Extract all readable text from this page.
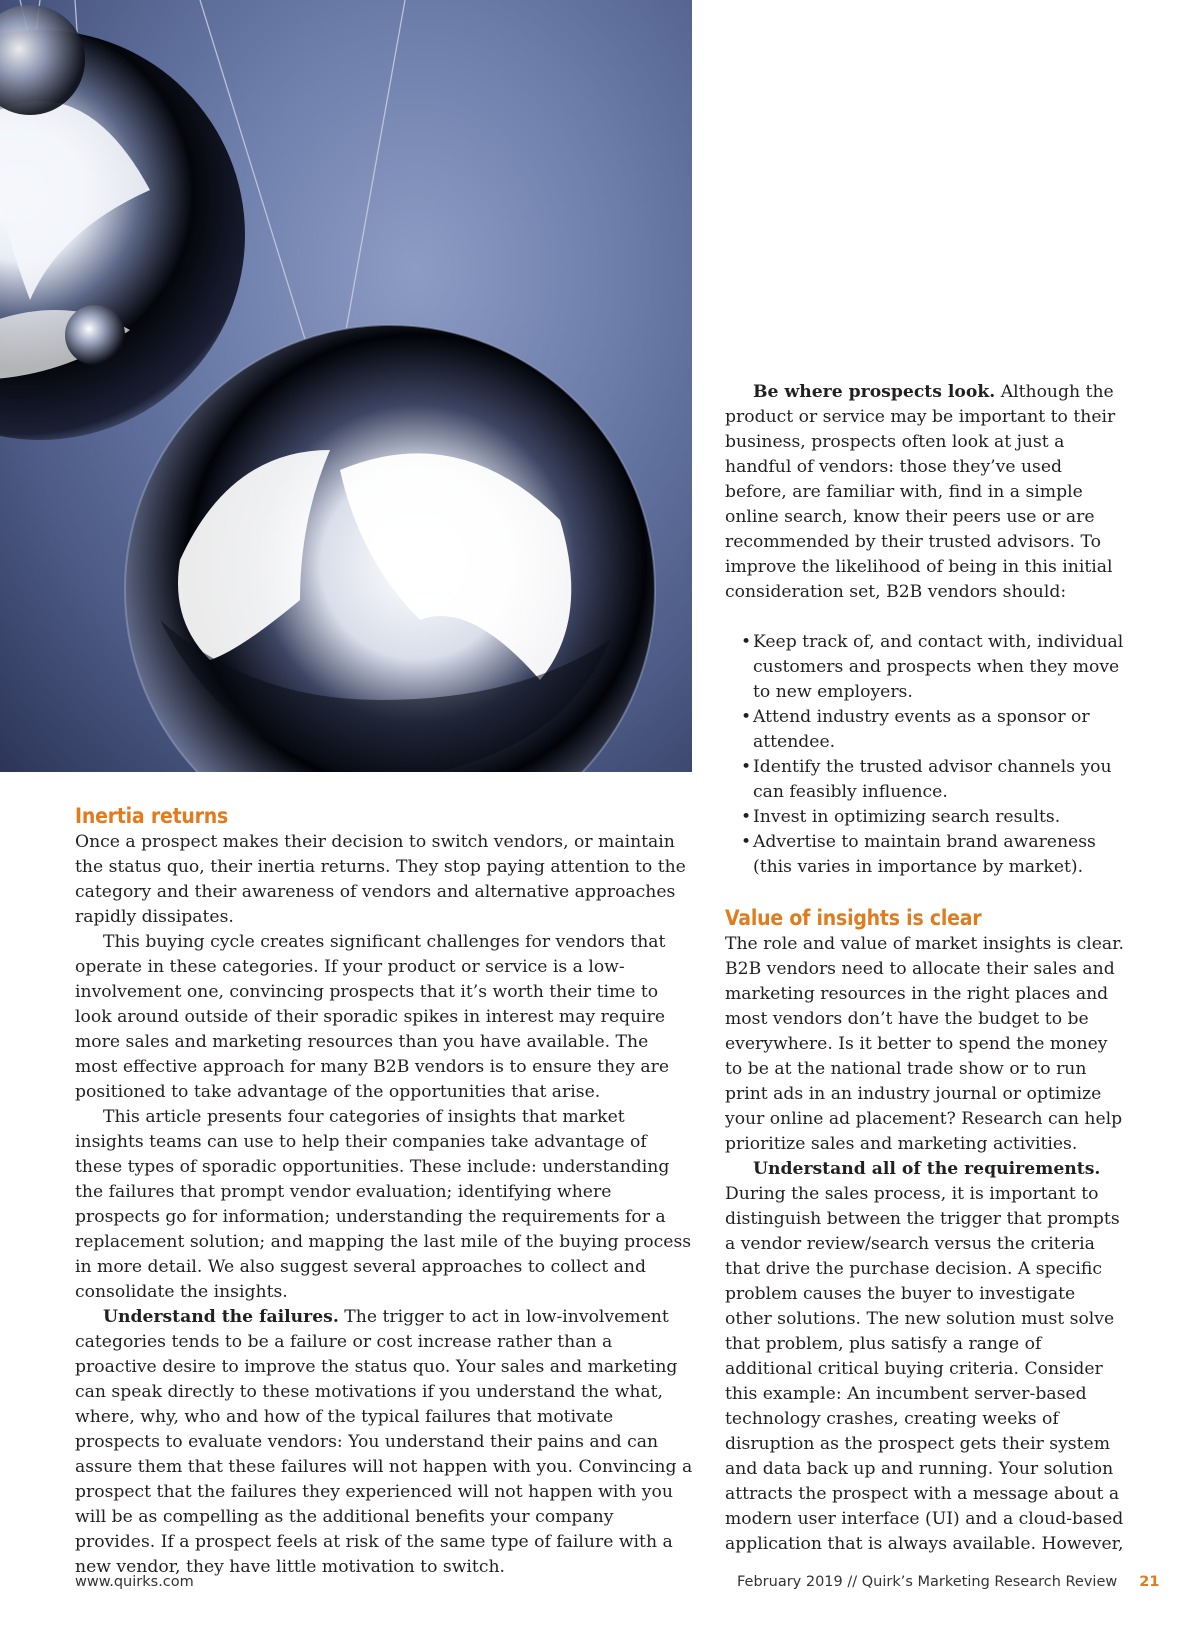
Inertia returns

Once a prospect makes their decision to switch vendors, or maintain the status quo, their inertia returns. They stop paying attention to the category and their awareness of vendors and alternative approaches rapidly dissipates.

This buying cycle creates significant challenges for vendors that operate in these categories. If your product or service is a low-involvement one, convincing prospects that it’s worth their time to look around outside of their sporadic spikes in interest may require more sales and marketing resources than you have available. The most effective approach for many B2B vendors is to ensure they are positioned to take advantage of the opportunities that arise.

This article presents four categories of insights that market insights teams can use to help their companies take advantage of these types of sporadic opportunities. These include: understanding the failures that prompt vendor evaluation; identifying where prospects go for information; understanding the requirements for a replacement solution; and mapping the last mile of the buying process in more detail. We also suggest several approaches to collect and consolidate the insights.

Understand the failures. The trigger to act in low-involvement categories tends to be a failure or cost increase rather than a proactive desire to improve the status quo. Your sales and marketing can speak directly to these motivations if you understand the what, where, why, who and how of the typical failures that motivate prospects to evaluate vendors: You understand their pains and can assure them that these failures will not happen with you. Convincing a prospect that the failures they experienced will not happen with you will be as compelling as the additional benefits your company provides. If a prospect feels at risk of the same type of failure with a new vendor, they have little motivation to switch.

Be where prospects look. Although the product or service may be important to their business, prospects often look at just a handful of vendors: those they’ve used before, are familiar with, find in a simple online search, know their peers use or are recommended by their trusted advisors. To improve the likelihood of being in this initial consideration set, B2B vendors should:

• Keep track of, and contact with, individual customers and prospects when they move to new employers.
• Attend industry events as a sponsor or attendee.
• Identify the trusted advisor channels you can feasibly influence.
• Invest in optimizing search results.
• Advertise to maintain brand awareness (this varies in importance by market).
Value of insights is clear

The role and value of market insights is clear. B2B vendors need to allocate their sales and marketing resources in the right places and most vendors don’t have the budget to be everywhere. Is it better to spend the money to be at the national trade show or to run print ads in an industry journal or optimize your online ad placement? Research can help prioritize sales and marketing activities.

Understand all of the requirements. During the sales process, it is important to distinguish between the trigger that prompts a vendor review/search versus the criteria that drive the purchase decision. A specific problem causes the buyer to investigate other solutions. The new solution must solve that problem, plus satisfy a range of additional critical buying criteria. Consider this example: An incumbent server-based technology crashes, creating weeks of disruption as the prospect gets their system and data back up and running. Your solution attracts the prospect with a message about a modern user interface (UI) and a cloud-based application that is always available. However,

www.quirks.com	February 2019 // Quirk’s Marketing Research Review 21
